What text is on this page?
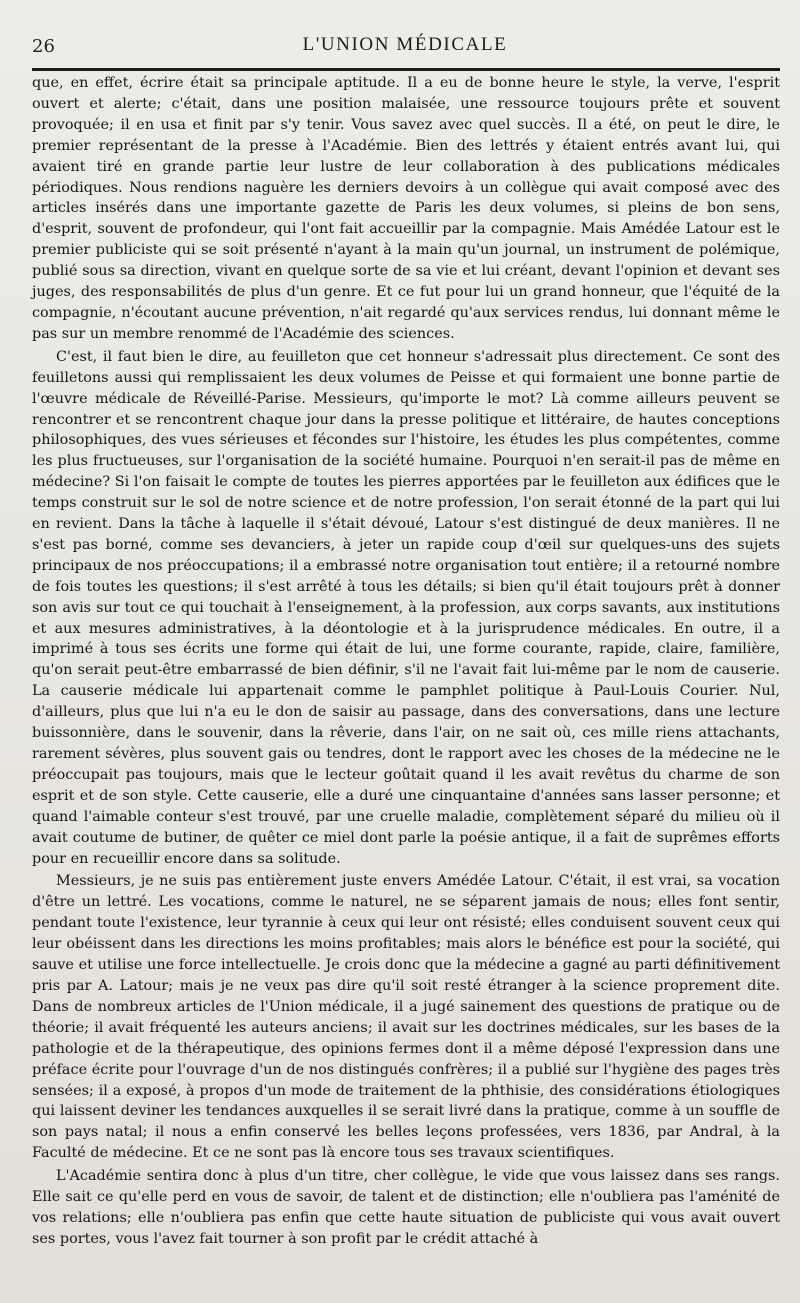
26	L'UNION MÉDICALE

que, en effet, écrire était sa principale aptitude. Il a eu de bonne heure le style, la verve, l'esprit ouvert et alerte; c'était, dans une position malaisée, une ressource toujours prête et souvent provoquée; il en usa et finit par s'y tenir. Vous savez avec quel succès. Il a été, on peut le dire, le premier représentant de la presse à l'Académie. Bien des lettrés y étaient entrés avant lui, qui avaient tiré en grande partie leur lustre de leur collaboration à des publications médicales périodiques. Nous rendions naguère les derniers devoirs à un collègue qui avait composé avec des articles insérés dans une importante gazette de Paris les deux volumes, si pleins de bon sens, d'esprit, souvent de profondeur, qui l'ont fait accueillir par la compagnie. Mais Amédée Latour est le premier publiciste qui se soit présenté n'ayant à la main qu'un journal, un instrument de polémique, publié sous sa direction, vivant en quelque sorte de sa vie et lui créant, devant l'opinion et devant ses juges, des responsabilités de plus d'un genre. Et ce fut pour lui un grand honneur, que l'équité de la compagnie, n'écoutant aucune prévention, n'ait regardé qu'aux services rendus, lui donnant même le pas sur un membre renommé de l'Académie des sciences.

C'est, il faut bien le dire, au feuilleton que cet honneur s'adressait plus directement. Ce sont des feuilletons aussi qui remplissaient les deux volumes de Peisse et qui formaient une bonne partie de l'œuvre médicale de Réveillé-Parise. Messieurs, qu'importe le mot? Là comme ailleurs peuvent se rencontrer et se rencontrent chaque jour dans la presse politique et littéraire, de hautes conceptions philosophiques, des vues sérieuses et fécondes sur l'histoire, les études les plus compétentes, comme les plus fructueuses, sur l'organisation de la société humaine. Pourquoi n'en serait-il pas de même en médecine? Si l'on faisait le compte de toutes les pierres apportées par le feuilleton aux édifices que le temps construit sur le sol de notre science et de notre profession, l'on serait étonné de la part qui lui en revient. Dans la tâche à laquelle il s'était dévoué, Latour s'est distingué de deux manières. Il ne s'est pas borné, comme ses devanciers, à jeter un rapide coup d'œil sur quelques-uns des sujets principaux de nos préoccupations; il a embrassé notre organisation tout entière; il a retourné nombre de fois toutes les questions; il s'est arrêté à tous les détails; si bien qu'il était toujours prêt à donner son avis sur tout ce qui touchait à l'enseignement, à la profession, aux corps savants, aux institutions et aux mesures administratives, à la déontologie et à la jurisprudence médicales. En outre, il a imprimé à tous ses écrits une forme qui était de lui, une forme courante, rapide, claire, familière, qu'on serait peut-être embarrassé de bien définir, s'il ne l'avait fait lui-même par le nom de causerie. La causerie médicale lui appartenait comme le pamphlet politique à Paul-Louis Courier. Nul, d'ailleurs, plus que lui n'a eu le don de saisir au passage, dans des conversations, dans une lecture buissonnière, dans le souvenir, dans la rêverie, dans l'air, on ne sait où, ces mille riens attachants, rarement sévères, plus souvent gais ou tendres, dont le rapport avec les choses de la médecine ne le préoccupait pas toujours, mais que le lecteur goûtait quand il les avait revêtus du charme de son esprit et de son style. Cette causerie, elle a duré une cinquantaine d'années sans lasser personne; et quand l'aimable conteur s'est trouvé, par une cruelle maladie, complètement séparé du milieu où il avait coutume de butiner, de quêter ce miel dont parle la poésie antique, il a fait de suprêmes efforts pour en recueillir encore dans sa solitude.

Messieurs, je ne suis pas entièrement juste envers Amédée Latour. C'était, il est vrai, sa vocation d'être un lettré. Les vocations, comme le naturel, ne se séparent jamais de nous; elles font sentir, pendant toute l'existence, leur tyrannie à ceux qui leur ont résisté; elles conduisent souvent ceux qui leur obéissent dans les directions les moins profitables; mais alors le bénéfice est pour la société, qui sauve et utilise une force intellectuelle. Je crois donc que la médecine a gagné au parti définitivement pris par A. Latour; mais je ne veux pas dire qu'il soit resté étranger à la science proprement dite. Dans de nombreux articles de l'Union médicale, il a jugé sainement des questions de pratique ou de théorie; il avait fréquenté les auteurs anciens; il avait sur les doctrines médicales, sur les bases de la pathologie et de la thérapeutique, des opinions fermes dont il a même déposé l'expression dans une préface écrite pour l'ouvrage d'un de nos distingués confrères; il a publié sur l'hygiène des pages très sensées; il a exposé, à propos d'un mode de traitement de la phthisie, des considérations étiologiques qui laissent deviner les tendances auxquelles il se serait livré dans la pratique, comme à un souffle de son pays natal; il nous a enfin conservé les belles leçons professées, vers 1836, par Andral, à la Faculté de médecine. Et ce ne sont pas là encore tous ses travaux scientifiques.

L'Académie sentira donc à plus d'un titre, cher collègue, le vide que vous laissez dans ses rangs. Elle sait ce qu'elle perd en vous de savoir, de talent et de distinction; elle n'oubliera pas l'aménité de vos relations; elle n'oubliera pas enfin que cette haute situation de publiciste qui vous avait ouvert ses portes, vous l'avez fait tourner à son profit par le crédit attaché à
